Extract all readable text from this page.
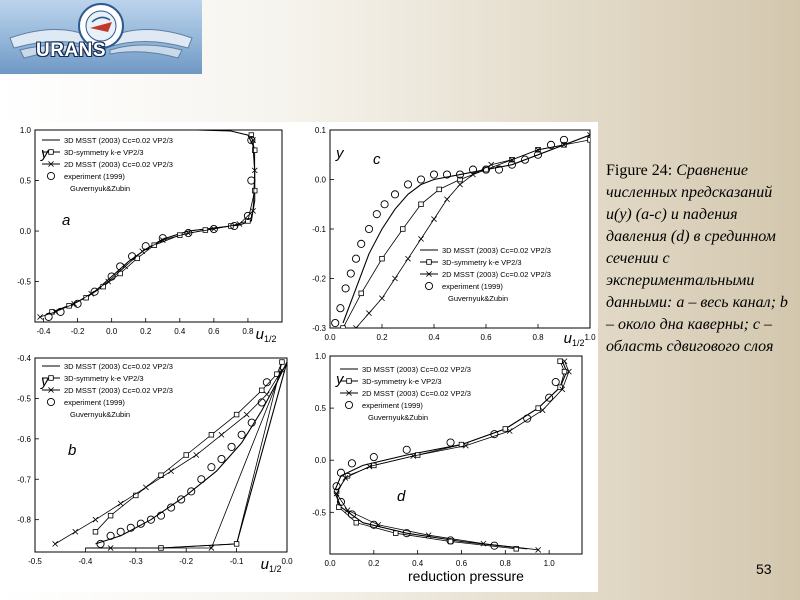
URANS
-0.4	-0.2	0.0	0.2	0.4	0.6	0.8
1.0
0.5
0.0
-0.5
y
u 1/2
a
3D MSST (2003) Cc=0.02 VP2/3
3D-symmetry k-e VP2/3
2D MSST (2003) Cc=0.02 VP2/3
experiment (1999)
Guvernyuk&Zubin
0.0	0.2	0.4	0.6	0.8	1.0
0.1
0.0
-0.1
-0.2
-0.3
y
u 1/2
c
3D MSST (2003) Cc=0.02 VP2/3
3D-symmetry k-e VP2/3
2D MSST (2003) Cc=0.02 VP2/3
experiment (1999)
Guvernyuk&Zubin
-0.5	-0.4	-0.3	-0.2	-0.1	0.0
-0.4
-0.5
-0.6
-0.7
-0.8
y
u 1/2
b
3D MSST (2003) Cc=0.02 VP2/3
3D-symmetry k-e VP2/3
2D MSST (2003) Cc=0.02 VP2/3
experiment (1999)
Guvernyuk&Zubin
0.0	0.2	0.4	0.6	0.8	1.0
1.0
0.5
0.0
-0.5
y
reduction pressure
d
3D MSST (2003) Cc=0.02 VP2/3
3D-symmetry k-e VP2/3
2D MSST (2003) Cc=0.02 VP2/3
experiment (1999)
Guvernyuk&Zubin
Figure 24: Сравнение численных предсказаний u(y) (a-c) и падения давления (d) в срединном сечении с экспериментальными данными: a – весь канал; b – около дна каверны; c – область сдвигового слоя
53
